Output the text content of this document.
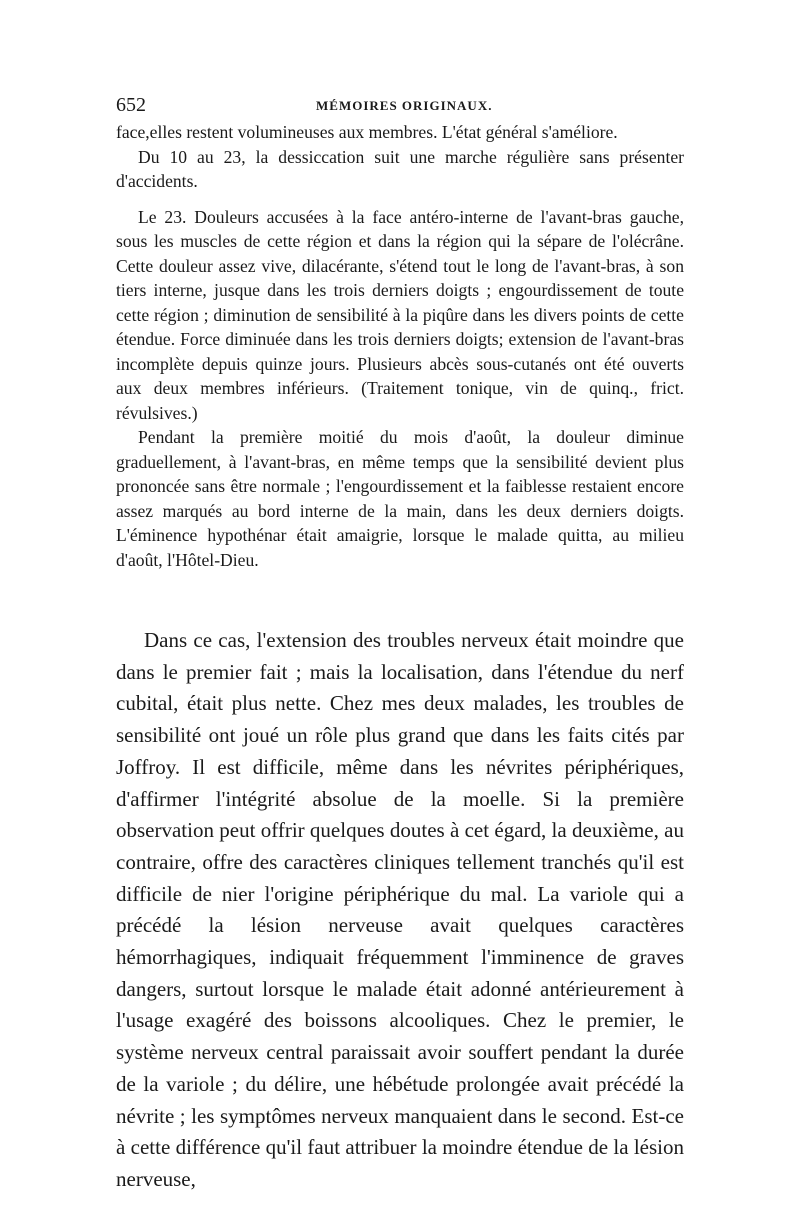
652	MÉMOIRES ORIGINAUX.

face,elles restent volumineuses aux membres. L'état général s'améliore.

Du 10 au 23, la dessiccation suit une marche régulière sans présenter d'accidents.

Le 23. Douleurs accusées à la face antéro-interne de l'avant-bras gauche, sous les muscles de cette région et dans la région qui la sépare de l'olécrâne. Cette douleur assez vive, dilacérante, s'étend tout le long de l'avant-bras, à son tiers interne, jusque dans les trois derniers doigts ; engourdissement de toute cette région ; diminution de sensibilité à la piqûre dans les divers points de cette étendue. Force diminuée dans les trois derniers doigts; extension de l'avant-bras incomplète depuis quinze jours. Plusieurs abcès sous-cutanés ont été ouverts aux deux membres inférieurs. (Traitement tonique, vin de quinq., frict. révulsives.)

Pendant la première moitié du mois d'août, la douleur diminue graduellement, à l'avant-bras, en même temps que la sensibilité devient plus prononcée sans être normale ; l'engourdissement et la faiblesse restaient encore assez marqués au bord interne de la main, dans les deux derniers doigts. L'éminence hypothénar était amaigrie, lorsque le malade quitta, au milieu d'août, l'Hôtel-Dieu.

Dans ce cas, l'extension des troubles nerveux était moindre que dans le premier fait ; mais la localisation, dans l'étendue du nerf cubital, était plus nette. Chez mes deux malades, les troubles de sensibilité ont joué un rôle plus grand que dans les faits cités par Joffroy. Il est difficile, même dans les névrites périphériques, d'affirmer l'intégrité absolue de la moelle. Si la première observation peut offrir quelques doutes à cet égard, la deuxième, au contraire, offre des caractères cliniques tellement tranchés qu'il est difficile de nier l'origine périphérique du mal. La variole qui a précédé la lésion nerveuse avait quelques caractères hémorrhagiques, indiquait fréquemment l'imminence de graves dangers, surtout lorsque le malade était adonné antérieurement à l'usage exagéré des boissons alcooliques. Chez le premier, le système nerveux central paraissait avoir souffert pendant la durée de la variole ; du délire, une hébétude prolongée avait précédé la névrite ; les symptômes nerveux manquaient dans le second. Est-ce à cette différence qu'il faut attribuer la moindre étendue de la lésion nerveuse,
